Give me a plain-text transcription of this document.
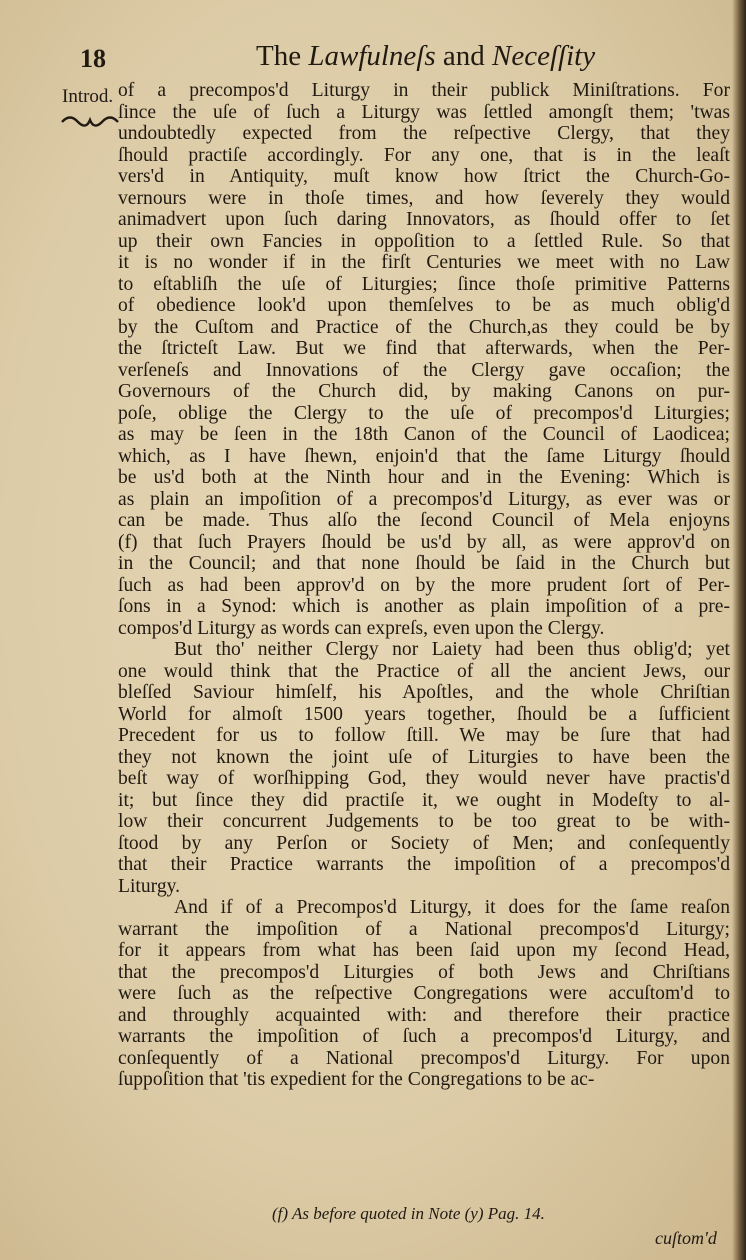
18	The Lawfulneſs and Neceſſity
Introd. of a precompos'd Liturgy in their publick Miniſtrations. For
ſince the uſe of ſuch a Liturgy was ſettled amongſt them; 'twas
undoubtedly expected from the reſpective Clergy, that they
ſhould practiſe accordingly. For any one, that is in the leaſt
vers'd in Antiquity, muſt know how ſtrict the Church-Go-
vernours were in thoſe times, and how ſeverely they would
animadvert upon ſuch daring Innovators, as ſhould offer to ſet
up their own Fancies in oppoſition to a ſettled Rule. So that
it is no wonder if in the firſt Centuries we meet with no Law
to eſtabliſh the uſe of Liturgies; ſince thoſe primitive Patterns
of obedience look'd upon themſelves to be as much oblig'd
by the Cuſtom and Practice of the Church,as they could be by
the ſtricteſt Law. But we find that afterwards, when the Per-
verſeneſs and Innovations of the Clergy gave occaſion; the
Governours of the Church did, by making Canons on pur-
poſe, oblige the Clergy to the uſe of precompos'd Liturgies;
as may be ſeen in the 18th Canon of the Council of Laodicea;
which, as I have ſhewn, enjoin'd that the ſame Liturgy ſhould
be us'd both at the Ninth hour and in the Evening: Which is
as plain an impoſition of a precompos'd Liturgy, as ever was or
can be made. Thus alſo the ſecond Council of Mela enjoyns
(f) that ſuch Prayers ſhould be us'd by all, as were approv'd on
in the Council; and that none ſhould be ſaid in the Church but
ſuch as had been approv'd on by the more prudent ſort of Per-
ſons in a Synod: which is another as plain impoſition of a pre-
compos'd Liturgy as words can expreſs, even upon the Clergy.
But tho' neither Clergy nor Laiety had been thus oblig'd; yet
one would think that the Practice of all the ancient Jews, our
bleſſed Saviour himſelf, his Apoſtles, and the whole Chriſtian
World for almoſt 1500 years together, ſhould be a ſufficient
Precedent for us to follow ſtill. We may be ſure that had
they not known the joint uſe of Liturgies to have been the
beſt way of worſhipping God, they would never have practis'd
it; but ſince they did practiſe it, we ought in Modeſty to al-
low their concurrent Judgements to be too great to be with-
ſtood by any Perſon or Society of Men; and conſequently
that their Practice warrants the impoſition of a precompos'd
Liturgy.
And if of a Precompos'd Liturgy, it does for the ſame reaſon
warrant the impoſition of a National precompos'd Liturgy;
for it appears from what has been ſaid upon my ſecond Head,
that the precompos'd Liturgies of both Jews and Chriſtians
were ſuch as the reſpective Congregations were accuſtom'd to
and throughly acquainted with: and therefore their practice
warrants the impoſition of ſuch a precompos'd Liturgy, and
conſequently of a National precompos'd Liturgy. For upon
ſuppoſition that 'tis expedient for the Congregations to be ac-
(f) As before quoted in Note (y) Pag. 14.
cuſtom'd
